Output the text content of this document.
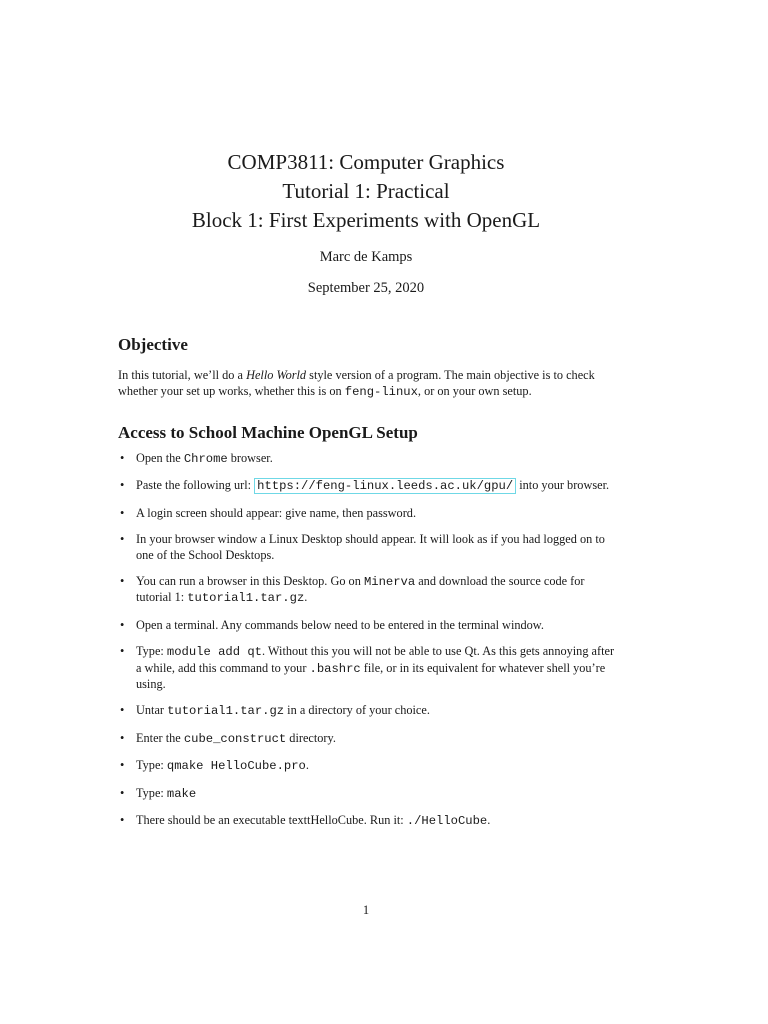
COMP3811: Computer Graphics
Tutorial 1: Practical
Block 1: First Experiments with OpenGL
Marc de Kamps
September 25, 2020
Objective

In this tutorial, we’ll do a Hello World style version of a program. The main objective is to check whether your set up works, whether this is on feng-linux, or on your own setup.

Access to School Machine OpenGL Setup
• Open the Chrome browser.
• Paste the following url: https://feng-linux.leeds.ac.uk/gpu/ into your browser.
• A login screen should appear: give name, then password.
• In your browser window a Linux Desktop should appear. It will look as if you had logged on to one of the School Desktops.
• You can run a browser in this Desktop. Go on Minerva and download the source code for tutorial 1: tutorial1.tar.gz.
• Open a terminal. Any commands below need to be entered in the terminal window.
• Type: module add qt. Without this you will not be able to use Qt. As this gets annoying after a while, add this command to your .bashrc file, or in its equivalent for whatever shell you’re using.
• Untar tutorial1.tar.gz in a directory of your choice.
• Enter the cube_construct directory.
• Type: qmake HelloCube.pro.
• Type: make
• There should be an executable texttHelloCube. Run it: ./HelloCube.
1
